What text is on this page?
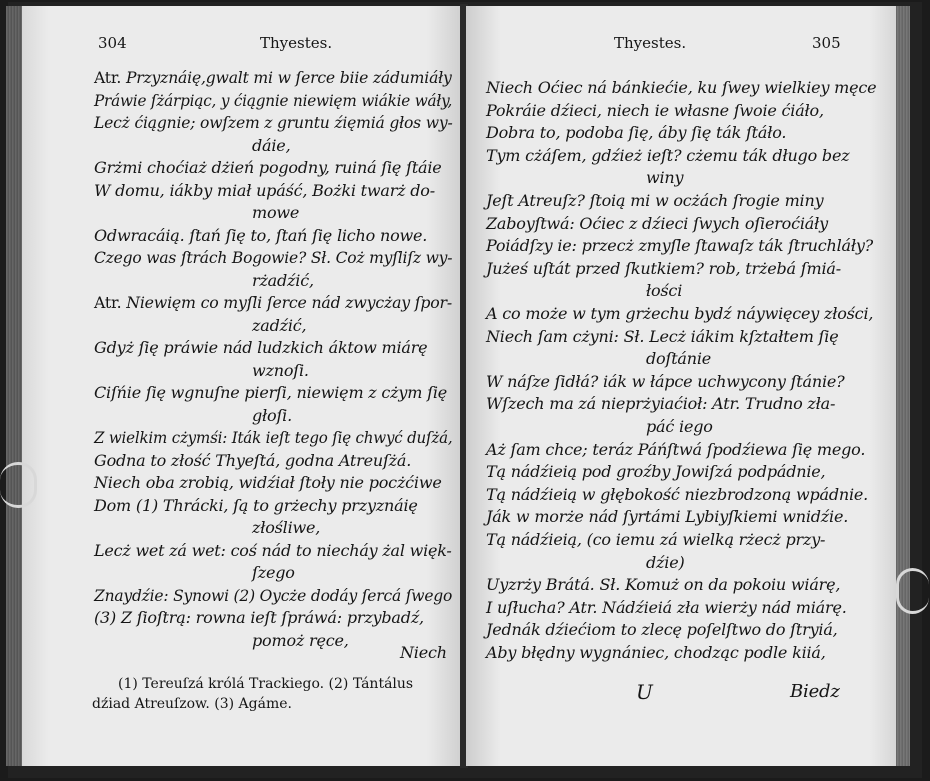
304	Thyestes.
Atr. Przyznáię,gwalt mi w ſerce biie zádumiáły
Práwie ſżárpiąc, y ćiągnie niewięm wiákie wáły,
Lecż ćiągnie; owſzem z gruntu źięmiá głos wy-
dáie,
Grżmi choćiaż dżień pogodny, ruiná ſię ſtáie
W domu, iákby miał upáść, Bożki twarż do-
mowe
Odwracáią. ſtań ſię to, ſtań ſię licho nowe.
Czego was ſtrách Bogowie? Sł. Coż myſliſz wy-
rżadźić,
Atr. Niewięm co myſli ſerce nád zwycżay ſpor-
zadźić,
Gdyż ſię práwie nád ludzkich áktow miárę
wznoſi.
Ciſńie ſię wgnuſne pierſi, niewięm z cżym ſię
głoſi.
Z wielkim cżymśi: Iták ieſt tego ſię chwyć duſżá,
Godna to złość Thyeſtá, godna Atreuſżá.
Niech oba zrobią, widźiał ſtoły nie pocżćiwe
Dom (1) Thrácki, ſą to grżechy przyznáię
złośliwe,
Lecż wet zá wet: coś nád to niecháy żal więk-
ſzego
Znaydźie: Synowi (2) Oycże dodáy ſercá ſwego
(3) Z ſioſtrą: rowna ieſt ſpráwá: przybadź,
pomoż ręce,
Niech
(1) Tereuſzá królá Trackiego. (2) Tántálus
dźiad Atreuſzow. (3) Agáme.
Thyestes.	305
Niech Oćiec ná bánkiećie, ku ſwey wielkiey męce
Pokráie dźieci, niech ie własne ſwoie ćiáło,
Dobra to, podoba ſię, áby ſię ták ſtáło.
Tym cżáſem, gdźież ieſt? cżemu ták długo bez
winy
Jeſt Atreuſz? ſtoią mi w ocżách ſrogie miny
Zaboyſtwá: Oćiec z dźieci ſwych oſieroćiáły
Poiádſzy ie: przecż zmyſle ſtawaſz ták ſtruchláły?
Jużeś uſtát przed ſkutkiem? rob, trżebá ſmiá-
łości
A co może w tym grżechu bydź náywięcey złości,
Niech ſam cżyni: Sł. Lecż iákim kſztałtem ſię
doſtánie
W náſze ſidłá? iák w łápce uchwycony ſtánie?
Wſzech ma zá nieprżyiaćioł: Atr. Trudno zła-
páć iego
Aż ſam chce; teráz Páńſtwá ſpodźiewa ſię mego.
Tą nádźieią pod groźby Jowiſzá podpádnie,
Tą nádźieią w głębokość niezbrodzoną wpádnie.
Ják w morże nád ſyrtámi Lybiyſkiemi wnidźie.
Tą nádźieią, (co iemu zá wielką rżecż przy-
dźie)
Uyzrży Brátá. Sł. Komuż on da pokoiu wiárę,
I uſłucha? Atr. Nádźieiá zła wierży nád miárę.
Jednák dźiećiom to zlecę poſelſtwo do ſtryiá,
Aby błędny wygnániec, chodząc podle kiiá,
U	Biedz
